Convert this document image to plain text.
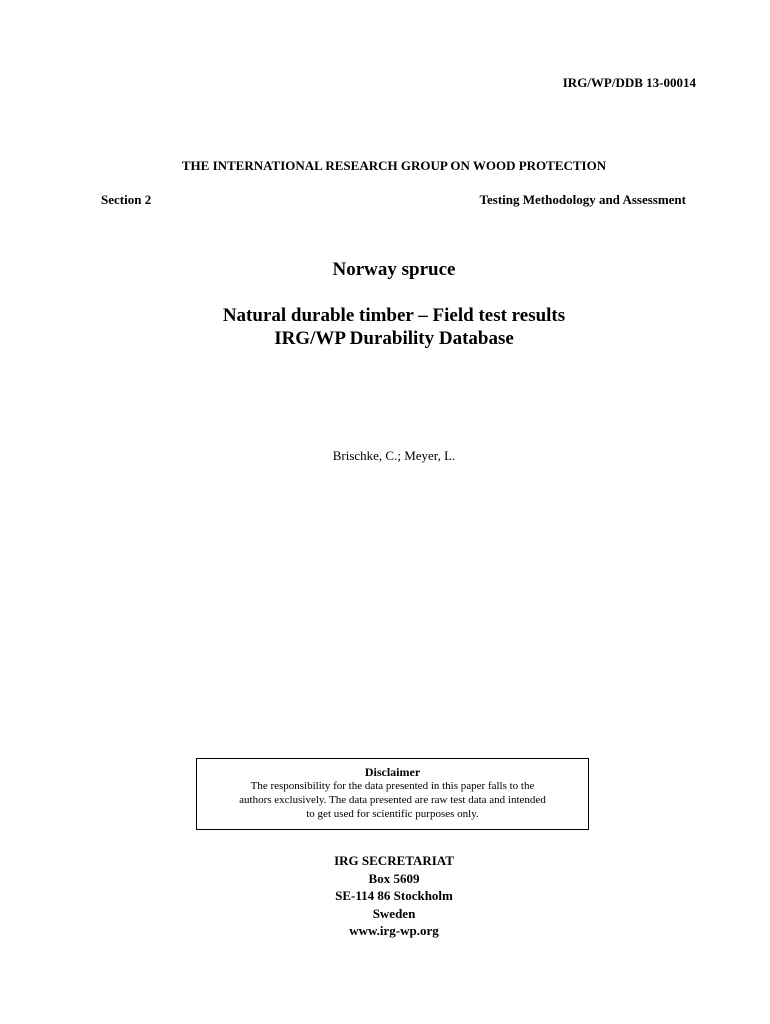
IRG/WP/DDB 13-00014
THE INTERNATIONAL RESEARCH GROUP ON WOOD PROTECTION
Section 2	Testing Methodology and Assessment
Norway spruce
Natural durable timber – Field test results
IRG/WP Durability Database
Brischke, C.; Meyer, L.
Disclaimer
The responsibility for the data presented in this paper falls to the
authors exclusively. The data presented are raw test data and intended
to get used for scientific purposes only.
IRG SECRETARIAT
Box 5609
SE-114 86 Stockholm
Sweden
www.irg-wp.org
